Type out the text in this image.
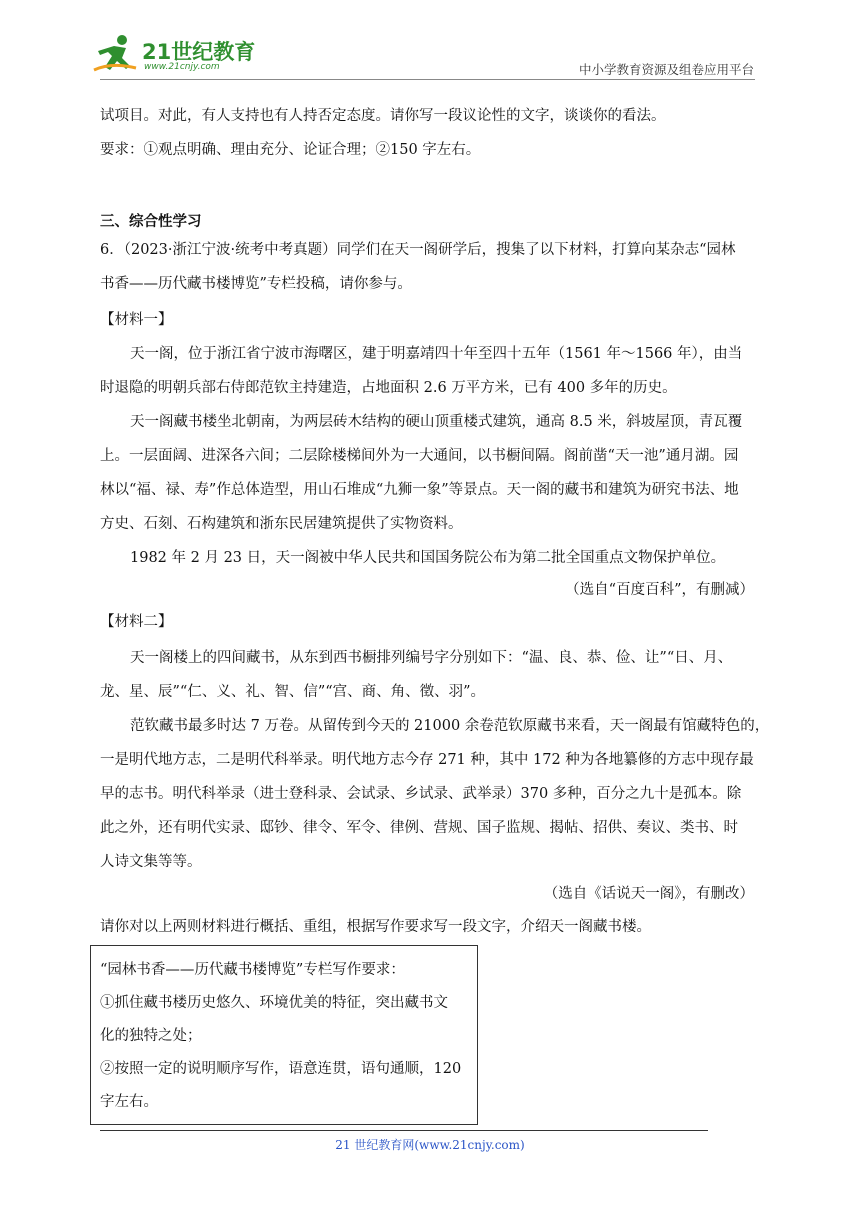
21世纪教育
www.21cnjy.com	中小学教育资源及组卷应用平台
试项目。对此，有人支持也有人持否定态度。请你写一段议论性的文字，谈谈你的看法。
要求：①观点明确、理由充分、论证合理；②150 字左右。
三、综合性学习
6．（2023·浙江宁波·统考中考真题）同学们在天一阁研学后，搜集了以下材料，打算向某杂志“园林
书香——历代藏书楼博览”专栏投稿，请你参与。
【材料一】
天一阁，位于浙江省宁波市海曙区，建于明嘉靖四十年至四十五年（1561 年～1566 年），由当
时退隐的明朝兵部右侍郎范钦主持建造，占地面积 2.6 万平方米，已有 400 多年的历史。
天一阁藏书楼坐北朝南，为两层砖木结构的硬山顶重楼式建筑，通高 8.5 米，斜坡屋顶，青瓦覆
上。一层面阔、进深各六间；二层除楼梯间外为一大通间，以书橱间隔。阁前凿“天一池”通月湖。园
林以“福、禄、寿”作总体造型，用山石堆成“九狮一象”等景点。天一阁的藏书和建筑为研究书法、地
方史、石刻、石构建筑和浙东民居建筑提供了实物资料。
1982 年 2 月 23 日，天一阁被中华人民共和国国务院公布为第二批全国重点文物保护单位。
（选自“百度百科”，有删减）
【材料二】
天一阁楼上的四间藏书，从东到西书橱排列编号字分别如下：“温、良、恭、俭、让”“日、月、
龙、星、辰”“仁、义、礼、智、信”“宫、商、角、徵、羽”。
范钦藏书最多时达 7 万卷。从留传到今天的 21000 余卷范钦原藏书来看，天一阁最有馆藏特色的，
一是明代地方志，二是明代科举录。明代地方志今存 271 种，其中 172 种为各地纂修的方志中现存最
早的志书。明代科举录（进士登科录、会试录、乡试录、武举录）370 多种，百分之九十是孤本。除
此之外，还有明代实录、邸钞、律令、军令、律例、营规、国子监规、揭帖、招供、奏议、类书、时
人诗文集等等。
（选自《话说天一阁》，有删改）
请你对以上两则材料进行概括、重组，根据写作要求写一段文字，介绍天一阁藏书楼。
“园林书香——历代藏书楼博览”专栏写作要求：
①抓住藏书楼历史悠久、环境优美的特征，突出藏书文
化的独特之处；
②按照一定的说明顺序写作，语意连贯，语句通顺，120
字左右。
21 世纪教育网(www.21cnjy.com)
